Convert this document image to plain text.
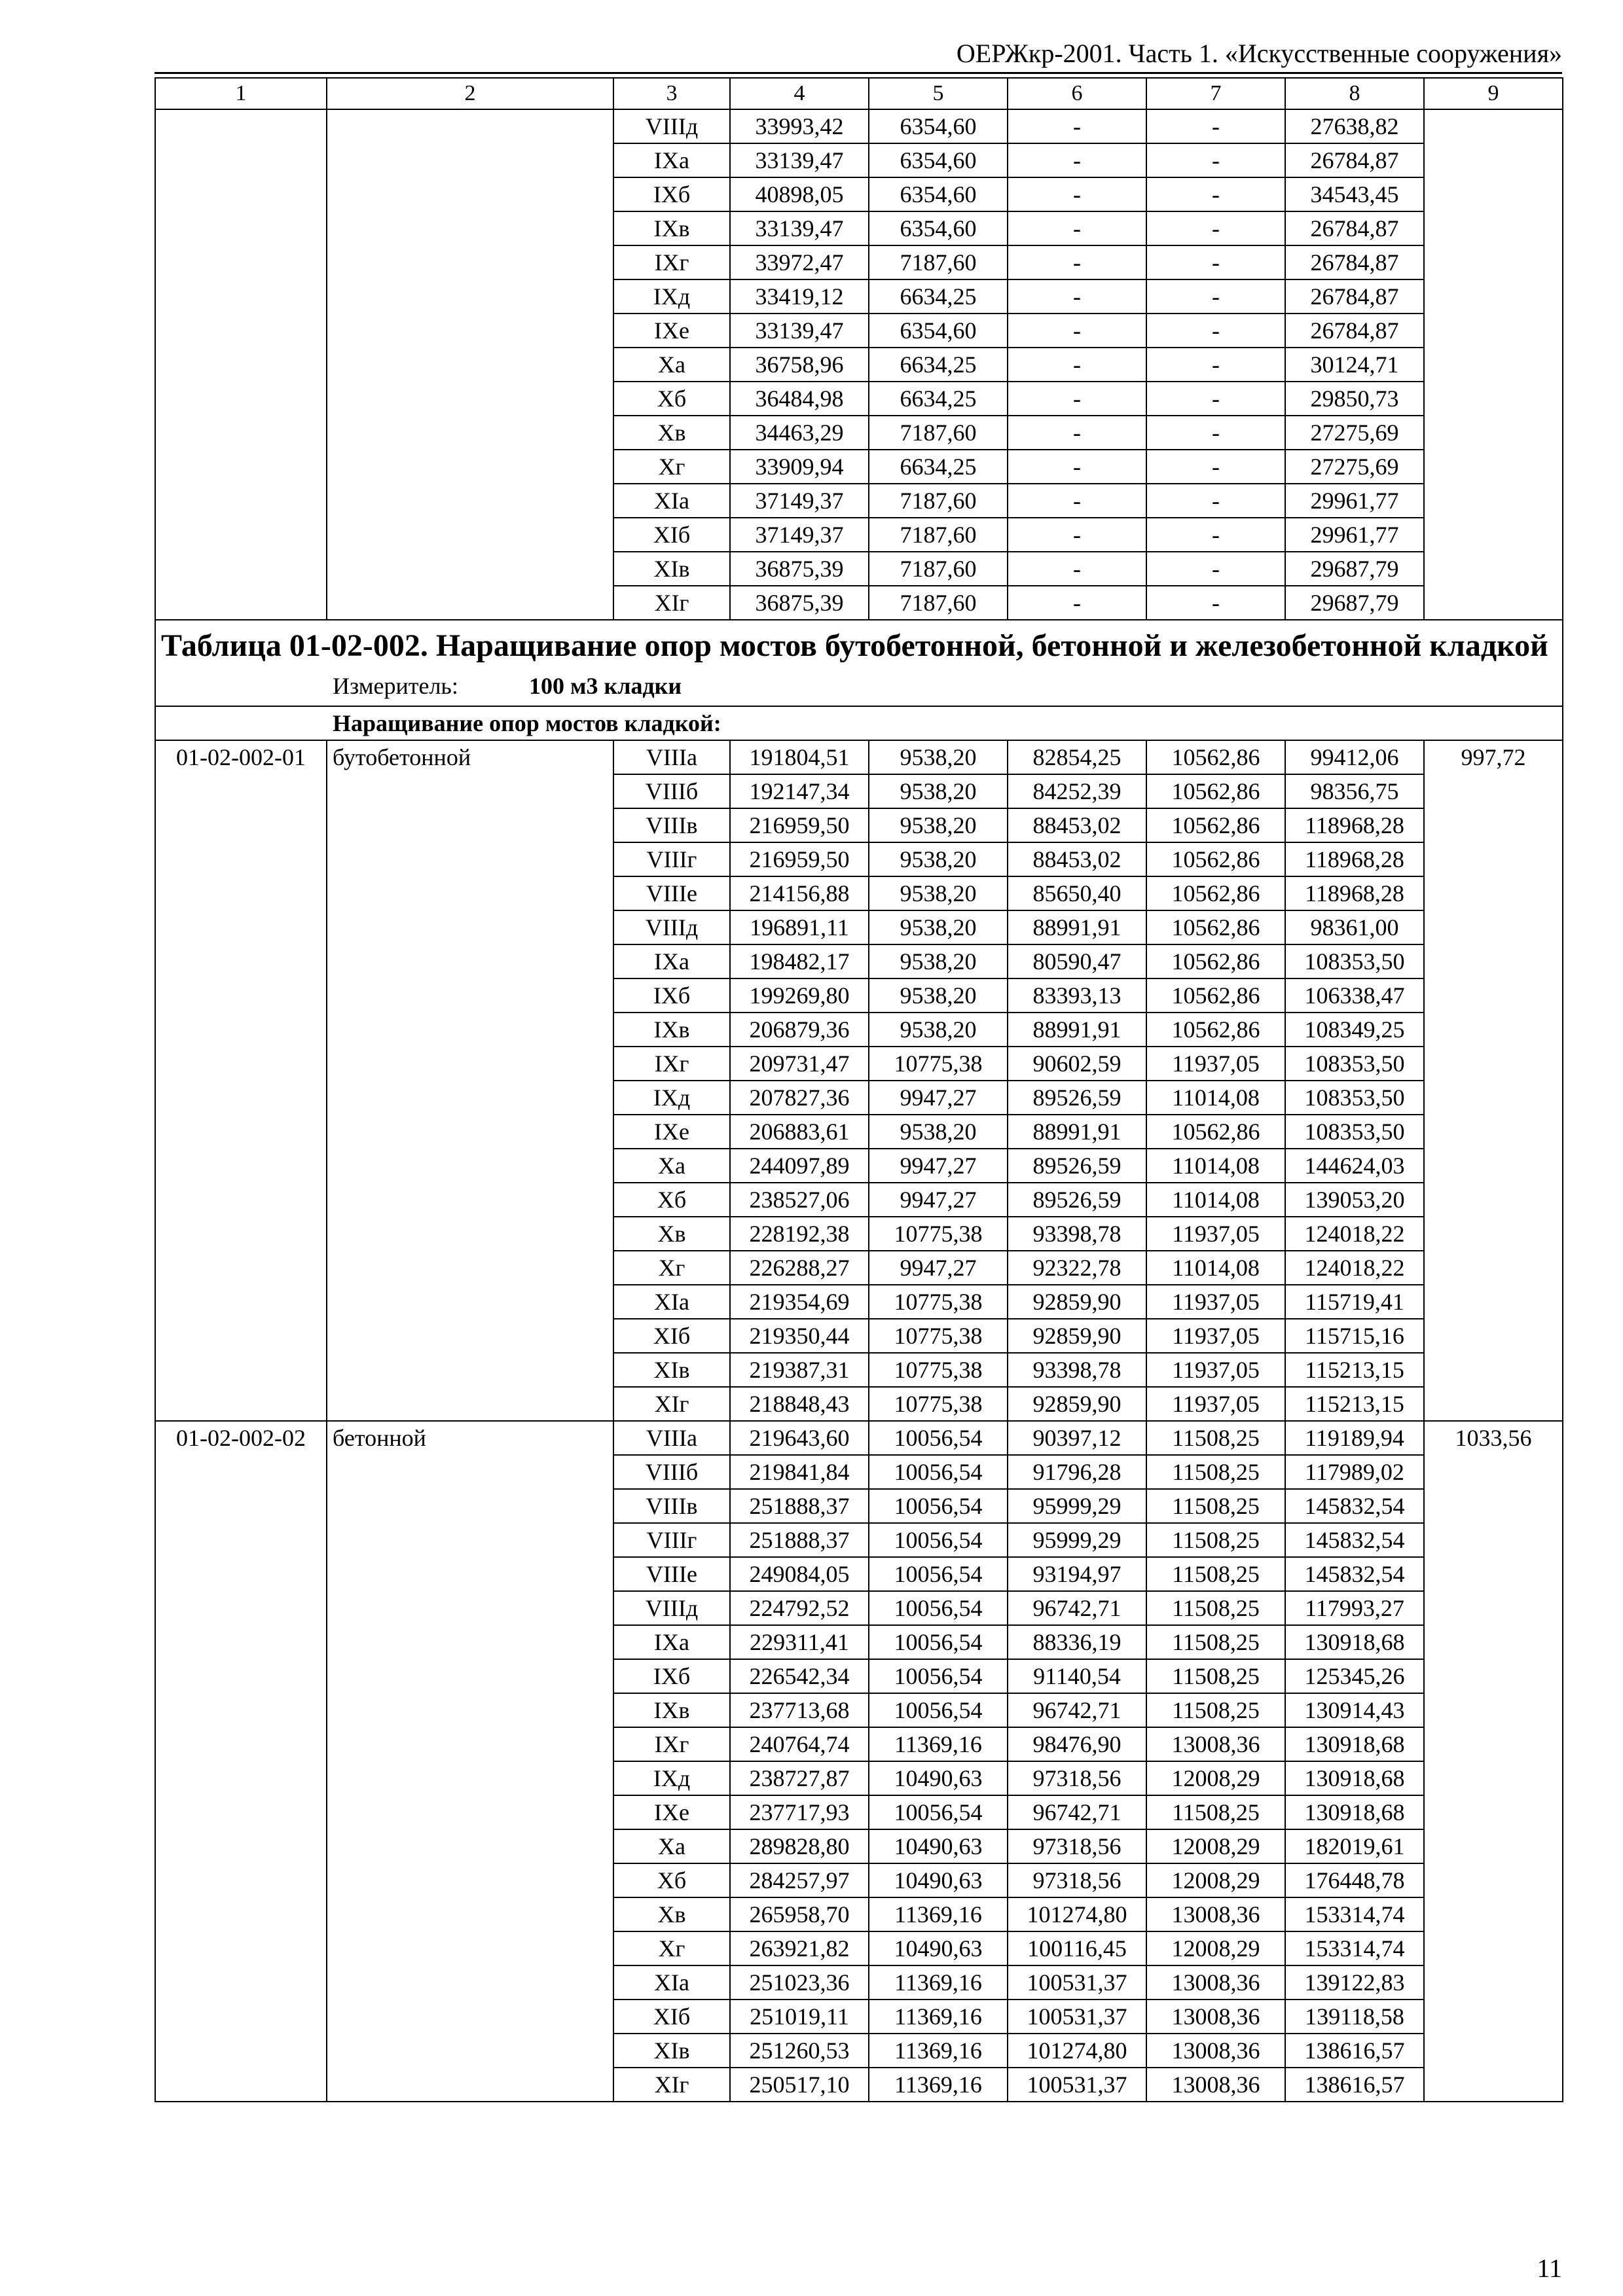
ОЕРЖкр-2001. Часть 1. «Искусственные сооружения»
1	2	3	4	5	6	7	8	9
		VIIIд	33993,42	6354,60	-	-	27638,82	
		IXа	33139,47	6354,60	-	-	26784,87	
		IXб	40898,05	6354,60	-	-	34543,45	
		IXв	33139,47	6354,60	-	-	26784,87	
		IXг	33972,47	7187,60	-	-	26784,87	
		IXд	33419,12	6634,25	-	-	26784,87	
		IXе	33139,47	6354,60	-	-	26784,87	
		Xа	36758,96	6634,25	-	-	30124,71	
		Xб	36484,98	6634,25	-	-	29850,73	
		Xв	34463,29	7187,60	-	-	27275,69	
		Xг	33909,94	6634,25	-	-	27275,69	
		XIа	37149,37	7187,60	-	-	29961,77	
		XIб	37149,37	7187,60	-	-	29961,77	
		XIв	36875,39	7187,60	-	-	29687,79	
		XIг	36875,39	7187,60	-	-	29687,79	

Таблица 01-02-002. Наращивание опор мостов бутобетонной, бетонной и железобетонной кладкой
Измеритель: 100 м3 кладки								

Наращивание опор мостов кладкой:								
01-02-002-01	бутобетонной	VIIIа	191804,51	9538,20	82854,25	10562,86	99412,06	997,72
		VIIIб	192147,34	9538,20	84252,39	10562,86	98356,75	
		VIIIв	216959,50	9538,20	88453,02	10562,86	118968,28	
		VIIIг	216959,50	9538,20	88453,02	10562,86	118968,28	
		VIIIе	214156,88	9538,20	85650,40	10562,86	118968,28	
		VIIIд	196891,11	9538,20	88991,91	10562,86	98361,00	
		IXа	198482,17	9538,20	80590,47	10562,86	108353,50	
		IXб	199269,80	9538,20	83393,13	10562,86	106338,47	
		IXв	206879,36	9538,20	88991,91	10562,86	108349,25	
		IXг	209731,47	10775,38	90602,59	11937,05	108353,50	
		IXд	207827,36	9947,27	89526,59	11014,08	108353,50	
		IXе	206883,61	9538,20	88991,91	10562,86	108353,50	
		Xа	244097,89	9947,27	89526,59	11014,08	144624,03	
		Xб	238527,06	9947,27	89526,59	11014,08	139053,20	
		Xв	228192,38	10775,38	93398,78	11937,05	124018,22	
		Xг	226288,27	9947,27	92322,78	11014,08	124018,22	
		XIа	219354,69	10775,38	92859,90	11937,05	115719,41	
		XIб	219350,44	10775,38	92859,90	11937,05	115715,16	
		XIв	219387,31	10775,38	93398,78	11937,05	115213,15	
		XIг	218848,43	10775,38	92859,90	11937,05	115213,15	
01-02-002-02	бетонной	VIIIа	219643,60	10056,54	90397,12	11508,25	119189,94	1033,56
		VIIIб	219841,84	10056,54	91796,28	11508,25	117989,02	
		VIIIв	251888,37	10056,54	95999,29	11508,25	145832,54	
		VIIIг	251888,37	10056,54	95999,29	11508,25	145832,54	
		VIIIе	249084,05	10056,54	93194,97	11508,25	145832,54	
		VIIIд	224792,52	10056,54	96742,71	11508,25	117993,27	
		IXа	229311,41	10056,54	88336,19	11508,25	130918,68	
		IXб	226542,34	10056,54	91140,54	11508,25	125345,26	
		IXв	237713,68	10056,54	96742,71	11508,25	130914,43	
		IXг	240764,74	11369,16	98476,90	13008,36	130918,68	
		IXд	238727,87	10490,63	97318,56	12008,29	130918,68	
		IXе	237717,93	10056,54	96742,71	11508,25	130918,68	
		Xа	289828,80	10490,63	97318,56	12008,29	182019,61	
		Xб	284257,97	10490,63	97318,56	12008,29	176448,78	
		Xв	265958,70	11369,16	101274,80	13008,36	153314,74	
		Xг	263921,82	10490,63	100116,45	12008,29	153314,74	
		XIа	251023,36	11369,16	100531,37	13008,36	139122,83	
		XIб	251019,11	11369,16	100531,37	13008,36	139118,58	
		XIв	251260,53	11369,16	101274,80	13008,36	138616,57	
		XIг	250517,10	11369,16	100531,37	13008,36	138616,57	
11
